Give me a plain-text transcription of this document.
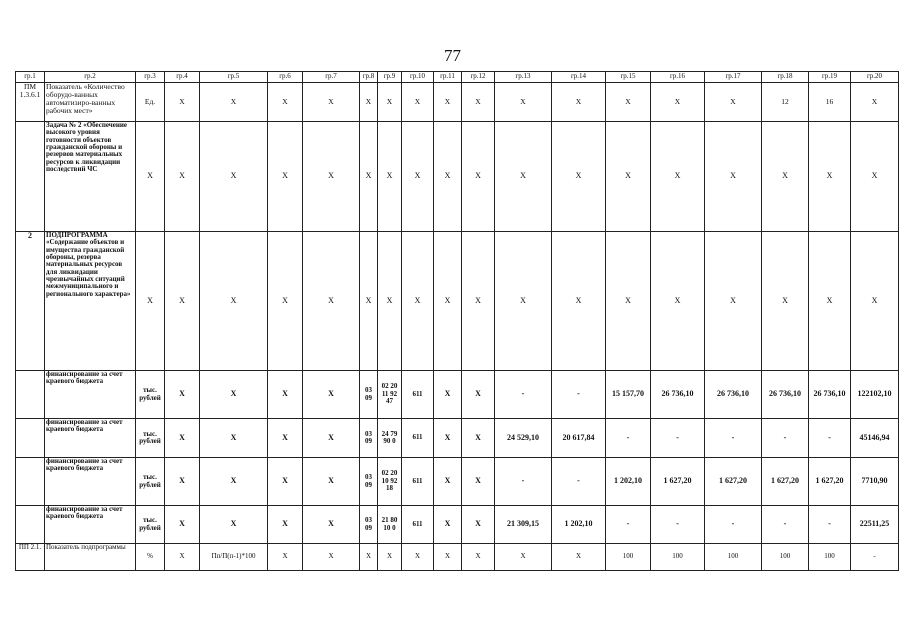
77
гр.1	гр.2	гр.3	гр.4	гр.5	гр.6	гр.7	гр.8	гр.9	гр.10	гр.11	гр.12	гр.13	гр.14	гр.15	гр.16	гр.17	гр.18	гр.19	гр.20
ПМ 1.3.6.1	Показатель «Количество оборудо-ванных автоматизиро-ванных рабочих мест»	Ед.	X	X	X	X	X	X	X	X	X	X	X	X	X	X	12	16	X
	Задача № 2 «Обеспечение высокого уровня готовности объектов гражданской обороны и резервов материальных ресурсов к ликвидации последствий ЧС	X	X	X	X	X	X	X	X	X	X	X	X	X	X	X	X	X	X
2	ПОДПРОГРАММА «Содержание объектов и имущества гражданской обороны, резерва материальных ресурсов для ликвидации чрезвычайных ситуаций межмуниципального и регионального характера»	X	X	X	X	X	X	X	X	X	X	X	X	X	X	X	X	X	X
	финансирование за счет краевого бюджета	тыс. рублей	X	X	X	X	03 09	02 20 11 92 47	611	X	X	-	-	15 157,70	26 736,10	26 736,10	26 736,10	26 736,10	122102,10
	финансирование за счет краевого бюджета	тыс. рублей	X	X	X	X	03 09	24 79 90 0	611	X	X	24 529,10	20 617,84	-	-	-	-	-	45146,94
	финансирование за счет краевого бюджета	тыс. рублей	X	X	X	X	03 09	02 20 10 92 18	611	X	X	-	-	1 202,10	1 627,20	1 627,20	1 627,20	1 627,20	7710,90
	финансирование за счет краевого бюджета	тыс. рублей	X	X	X	X	03 09	21 80 10 0	611	X	X	21 309,15	1 202,10	-	-	-	-	-	22511,25
ПП 2.1.	Показатель подпрограммы	%	X	Пп/П(п-1)*100	X	X	X	X	X	X	X	X	X	100	100	100	100	100	-
